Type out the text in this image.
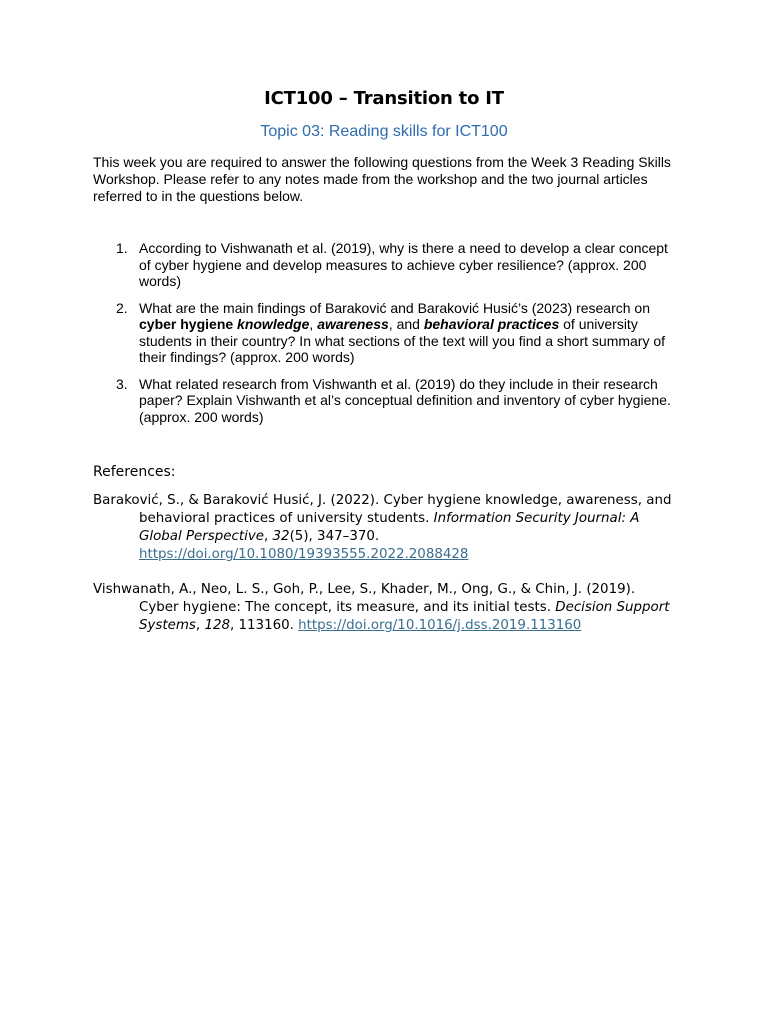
ICT100 – Transition to IT
Topic 03: Reading skills for ICT100
This week you are required to answer the following questions from the Week 3 Reading Skills Workshop. Please refer to any notes made from the workshop and the two journal articles referred to in the questions below.
1. According to Vishwanath et al. (2019), why is there a need to develop a clear concept of cyber hygiene and develop measures to achieve cyber resilience? (approx. 200 words)
2. What are the main findings of Baraković and Baraković Husić’s (2023) research on cyber hygiene knowledge, awareness, and behavioral practices of university students in their country? In what sections of the text will you find a short summary of their findings? (approx. 200 words)
3. What related research from Vishwanth et al. (2019) do they include in their research paper? Explain Vishwanth et al’s conceptual definition and inventory of cyber hygiene. (approx. 200 words)
References:
Baraković, S., & Baraković Husić, J. (2022). Cyber hygiene knowledge, awareness, and behavioral practices of university students. Information Security Journal: A Global Perspective, 32(5), 347–370.
https://doi.org/10.1080/19393555.2022.2088428
Vishwanath, A., Neo, L. S., Goh, P., Lee, S., Khader, M., Ong, G., & Chin, J. (2019). Cyber hygiene: The concept, its measure, and its initial tests. Decision Support Systems, 128, 113160. https://doi.org/10.1016/j.dss.2019.113160
